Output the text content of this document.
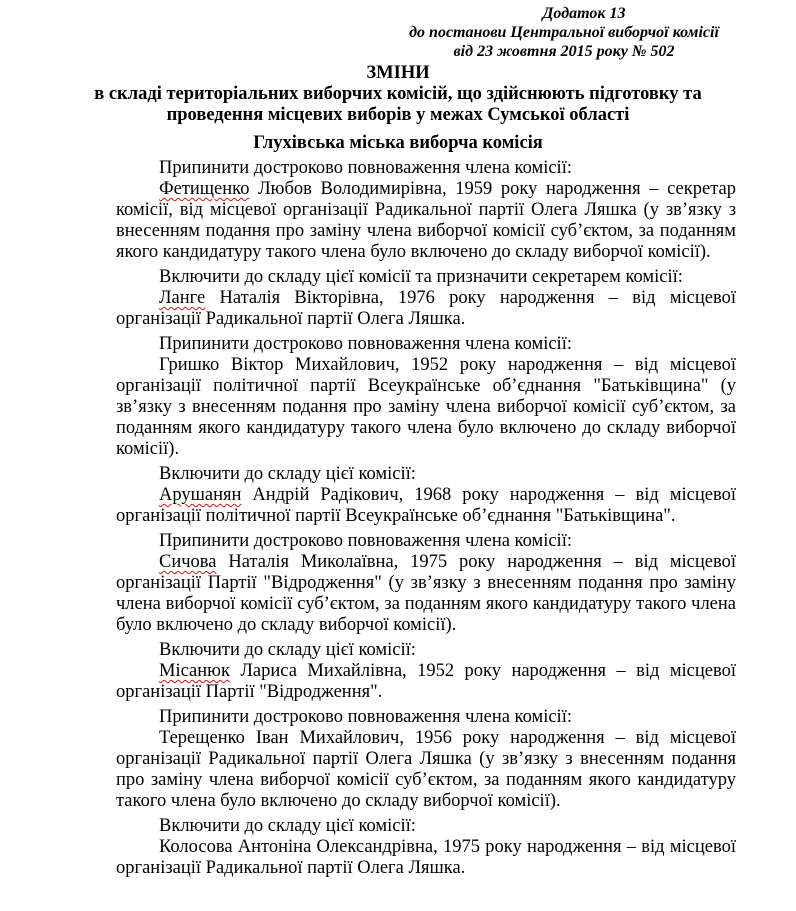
Додаток 13
до постанови Центральної виборчої комісії
від 23 жовтня 2015 року № 502
ЗМІНИ
в складі територіальних виборчих комісій, що здійснюють підготовку та
проведення місцевих виборів у межах Сумської області
Глухівська міська виборча комісія

Припинити достроково повноваження члена комісії:

Фетищенко Любов Володимирівна, 1959 року народження – секретар комісії, від місцевої організації Радикальної партії Олега Ляшка (у зв’язку з внесенням подання про заміну члена виборчої комісії суб’єктом, за поданням якого кандидатуру такого члена було включено до складу виборчої комісії).

Включити до складу цієї комісії та призначити секретарем комісії:

Ланге Наталія Вікторівна, 1976 року народження – від місцевої організації Радикальної партії Олега Ляшка.

Припинити достроково повноваження члена комісії:

Гришко Віктор Михайлович, 1952 року народження – від місцевої організації політичної партії Всеукраїнське об’єднання "Батьківщина" (у зв’язку з внесенням подання про заміну члена виборчої комісії суб’єктом, за поданням якого кандидатуру такого члена було включено до складу виборчої комісії).

Включити до складу цієї комісії:

Арушанян Андрій Радікович, 1968 року народження – від місцевої організації політичної партії Всеукраїнське об’єднання "Батьківщина".

Припинити достроково повноваження члена комісії:

Сичова Наталія Миколаївна, 1975 року народження – від місцевої організації Партії "Відродження" (у зв’язку з внесенням подання про заміну члена виборчої комісії суб’єктом, за поданням якого кандидатуру такого члена було включено до складу виборчої комісії).

Включити до складу цієї комісії:

Місанюк Лариса Михайлівна, 1952 року народження – від місцевої організації Партії "Відродження".

Припинити достроково повноваження члена комісії:

Терещенко Іван Михайлович, 1956 року народження – від місцевої організації Радикальної партії Олега Ляшка (у зв’язку з внесенням подання про заміну члена виборчої комісії суб’єктом, за поданням якого кандидатуру такого члена було включено до складу виборчої комісії).

Включити до складу цієї комісії:

Колосова Антоніна Олександрівна, 1975 року народження – від місцевої організації Радикальної партії Олега Ляшка.
